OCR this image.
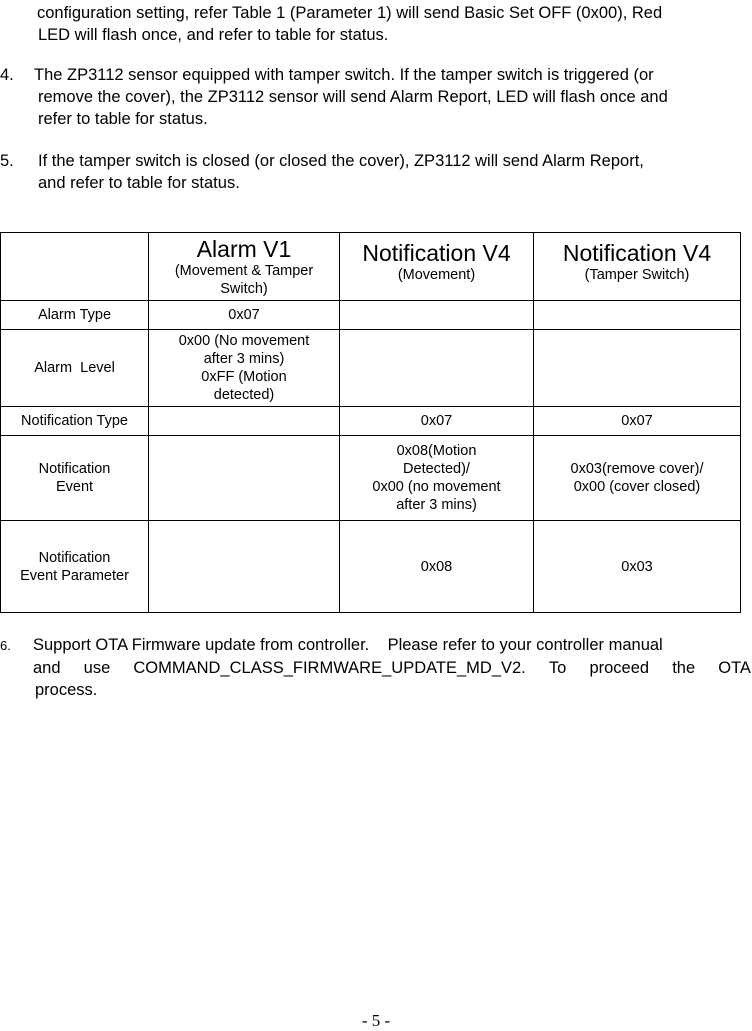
configuration setting, refer Table 1 (Parameter 1) will send Basic Set OFF (0x00), Red
LED will flash once, and refer to table for status.
4. The ZP3112 sensor equipped with tamper switch. If the tamper switch is triggered (or
remove the cover), the ZP3112 sensor will send Alarm Report, LED will flash once and
refer to table for status.
5. If the tamper switch is closed (or closed the cover), ZP3112 will send Alarm Report,
and refer to table for status.

	Alarm V1
(Movement & Tamper
Switch)	Notification V4
(Movement)	Notification V4
(Tamper Switch)

Alarm Type	0x07		
Alarm  Level	0x00 (No movement
after 3 mins)
0xFF (Motion
detected)		

Notification Type		0x07	0x07

Notification
Event		0x08(Motion
Detected)/
0x00 (no movement
after 3 mins)	0x03(remove cover)/
0x00 (cover closed)

Notification
Event Parameter		0x08	0x03
6. Support OTA Firmware update from controller.    Please refer to your controller manual
and use COMMAND_CLASS_FIRMWARE_UPDATE_MD_V2. To proceed the OTA
process.
- 5 -
